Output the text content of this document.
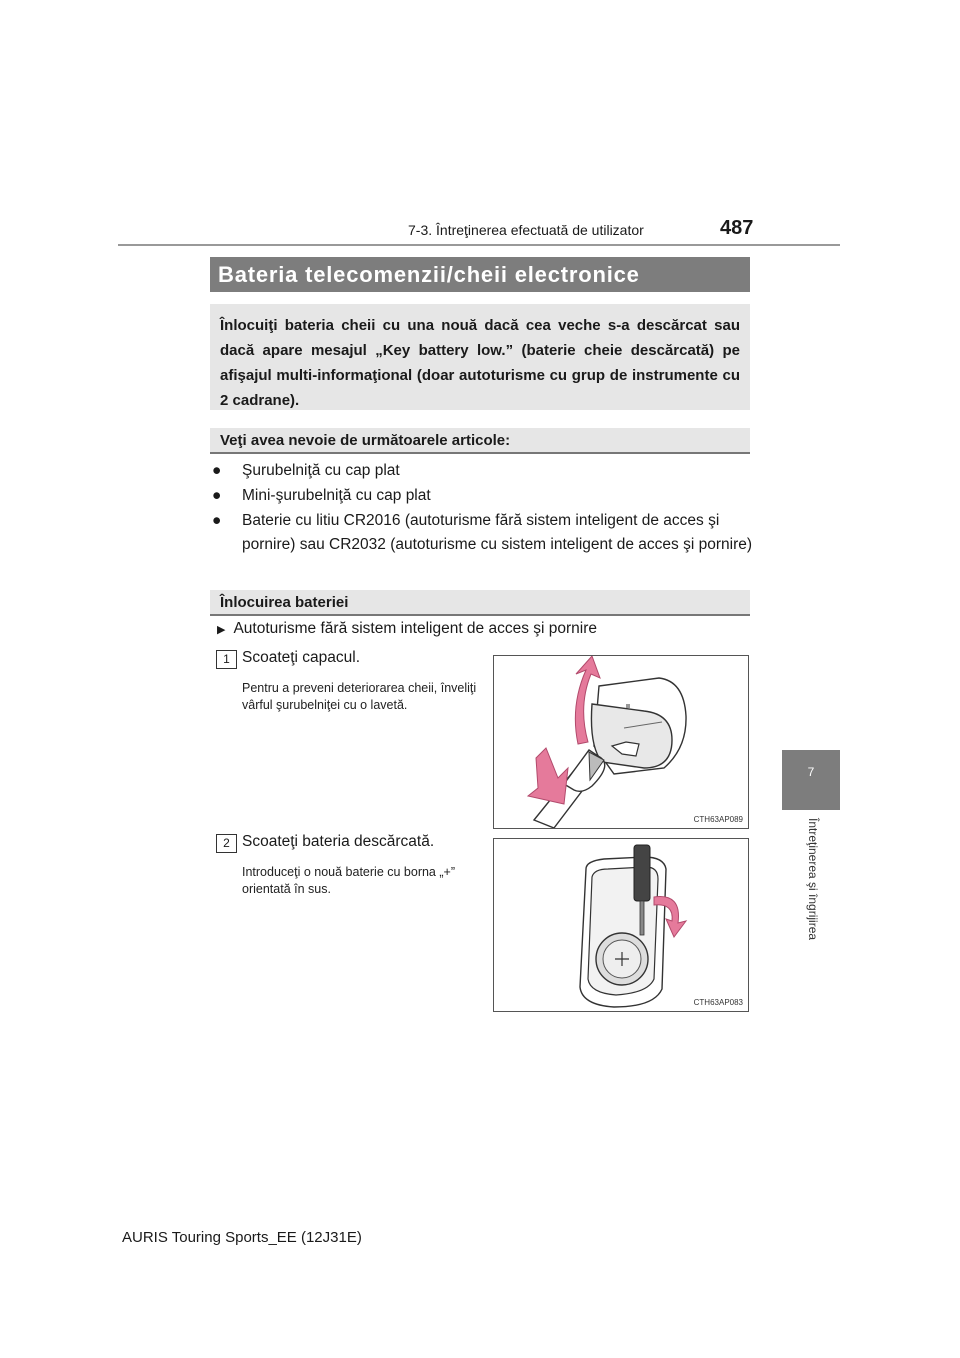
7-3. Întreţinerea efectuată de utilizator	487
7
Întreţinerea şi îngrijirea
Bateria telecomenzii/cheii electronice
Înlocuiţi bateria cheii cu una nouă dacă cea veche s-a descărcat sau dacă apare mesajul „Key battery low.” (baterie cheie descărcată) pe afişajul multi-informaţional (doar autoturisme cu grup de instrumente cu 2 cadrane).
Veţi avea nevoie de următoarele articole:
● Şurubelniţă cu cap plat
● Mini-şurubelniţă cu cap plat
● Baterie cu litiu CR2016 (autoturisme fără sistem inteligent de acces şi pornire) sau CR2032 (autoturisme cu sistem inteligent de acces şi pornire)
Înlocuirea bateriei
▶ Autoturisme fără sistem inteligent de acces şi pornire
1 Scoateţi capacul.
Pentru a preveni deteriorarea cheii, înveliţi vârful şurubelniţei cu o lavetă.
CTH63AP089
2 Scoateţi bateria descărcată.
Introduceţi o nouă baterie cu borna „+” orientată în sus.
CTH63AP083
AURIS Touring Sports_EE (12J31E)
